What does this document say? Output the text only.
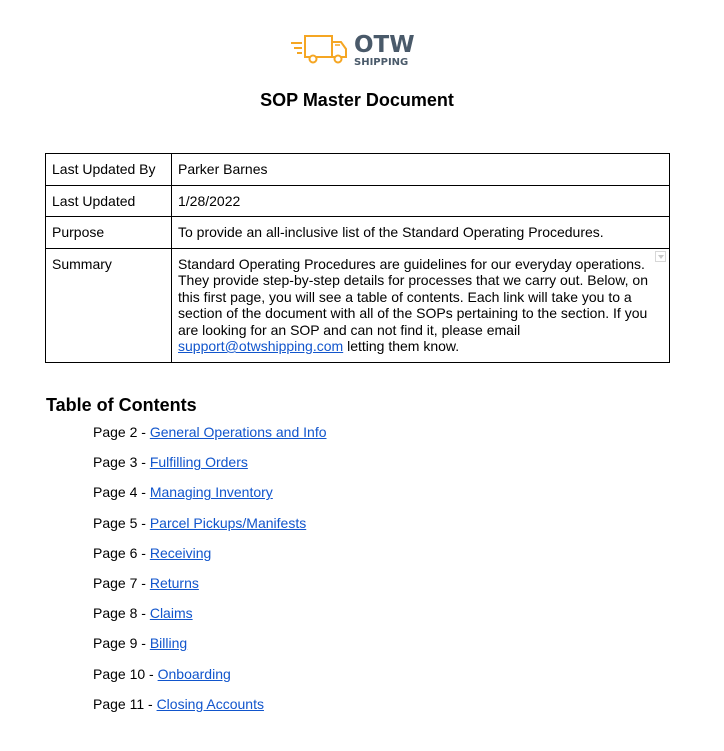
OTW
SHIPPING
SOP Master Document
Last Updated By	Parker Barnes
Last Updated	1/28/2022
Purpose	To provide an all-inclusive list of the Standard Operating Procedures.
Summary	Standard Operating Procedures are guidelines for our everyday operations. They provide step-by-step details for processes that we carry out. Below, on this first page, you will see a table of contents. Each link will take you to a section of the document with all of the SOPs pertaining to the section. If you are looking for an SOP and can not find it, please email support@otwshipping.com letting them know.
Table of Contents
Page 2 - General Operations and Info
Page 3 - Fulfilling Orders
Page 4 - Managing Inventory
Page 5 - Parcel Pickups/Manifests
Page 6 - Receiving
Page 7 - Returns
Page 8 - Claims
Page 9 - Billing
Page 10 - Onboarding
Page 11 - Closing Accounts
